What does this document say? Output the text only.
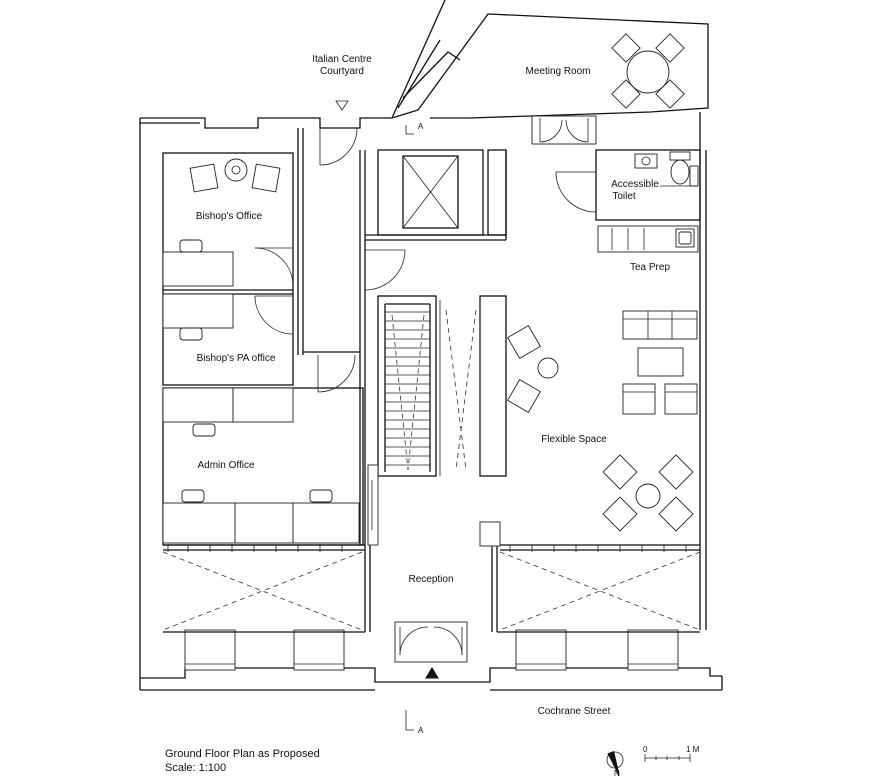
A
A
Italian Centre
Courtyard	Meeting Room
Bishop's Office
Bishop's PA office
Admin Office
Accessible
Toilet
Tea Prep
Flexible Space
Reception
Cochrane Street
Ground Floor Plan as Proposed
Scale: 1:100	N
0	1 M
